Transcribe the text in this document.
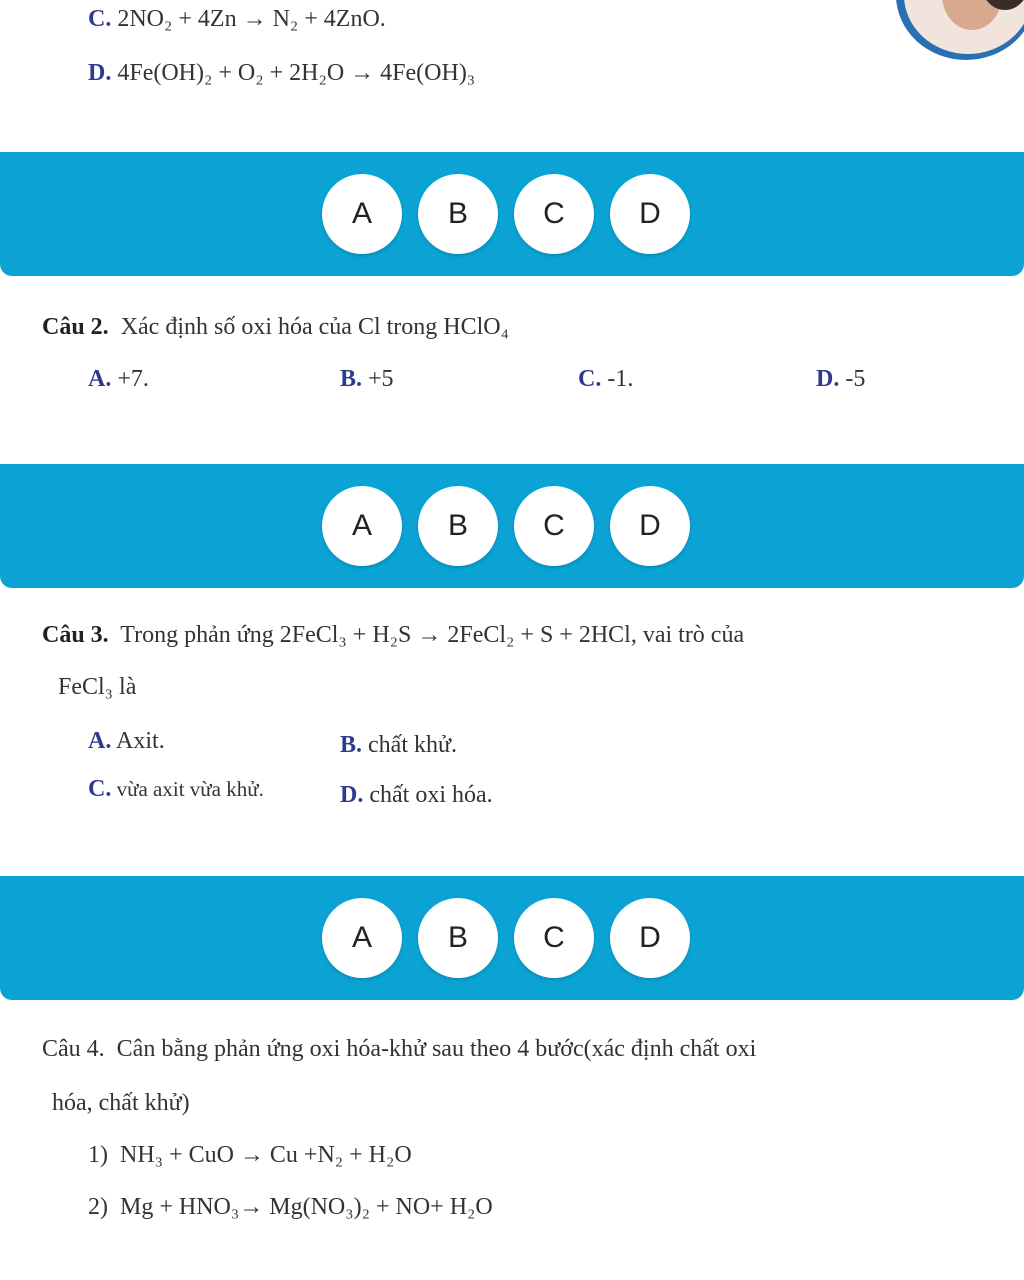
C. 2NO₂ + 4Zn → N₂ + 4ZnO.
D. 4Fe(OH)₂ + O₂ + 2H₂O → 4Fe(OH)₃
A	B	C	D
Câu 2. Xác định số oxi hóa của Cl trong HClO₄
A. +7.	B. +5	C. -1.	D. -5
A	B	C	D
Câu 3. Trong phản ứng 2FeCl₃ + H₂S → 2FeCl₂ + S + 2HCl, vai trò của
FeCl₃ là
A. Axit.	B. chất khử.
C. vừa axit vừa khử.	D. chất oxi hóa.
A	B	C	D
Câu 4. Cân bằng phản ứng oxi hóa-khử sau theo 4 bước(xác định chất oxi
hóa, chất khử)
1) NH₃ + CuO → Cu +N₂ + H₂O
2) Mg + HNO₃→ Mg(NO₃)₂ + NO+ H₂O
